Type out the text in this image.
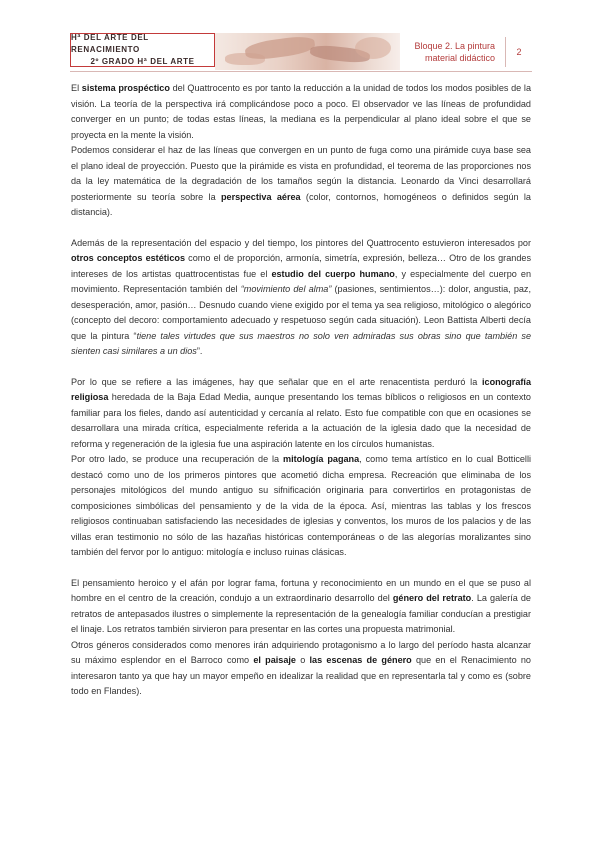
Hª DEL ARTE DEL RENACIMIENTO
2º GRADO Hª DEL ARTE
Bloque 2. La pintura
material didáctico
2

El sistema prospéctico del Quattrocento es por tanto la reducción a la unidad de todos los modos posibles de la visión. La teoría de la perspectiva irá complicándose poco a poco. El observador ve las líneas de profundidad converger en un punto; de todas estas líneas, la mediana es la perpendicular al plano ideal sobre el que se proyecta en la mente la visión.

Podemos considerar el haz de las líneas que convergen en un punto de fuga como una pirámide cuya base sea el plano ideal de proyección. Puesto que la pirámide es vista en profundidad, el teorema de las proporciones nos da la ley matemática de la degradación de los tamaños según la distancia. Leonardo da Vinci desarrollará posteriormente su teoría sobre la perspectiva aérea (color, contornos, homogéneos o definidos según la distancia).

Además de la representación del espacio y del tiempo, los pintores del Quattrocento estuvieron interesados por otros conceptos estéticos como el de proporción, armonía, simetría, expresión, belleza… Otro de los grandes intereses de los artistas quattrocentistas fue el estudio del cuerpo humano, y especialmente del cuerpo en movimiento. Representación también del “movimiento del alma” (pasiones, sentimientos…): dolor, angustia, paz, desesperación, amor, pasión… Desnudo cuando viene exigido por el tema ya sea religioso, mitológico o alegórico (concepto del decoro: comportamiento adecuado y respetuoso según cada situación). Leon Battista Alberti decía que la pintura “tiene tales virtudes que sus maestros no solo ven admiradas sus obras sino que también se sienten casi similares a un dios”.

Por lo que se refiere a las imágenes, hay que señalar que en el arte renacentista perduró la iconografía religiosa heredada de la Baja Edad Media, aunque presentando los temas bíblicos o religiosos en un contexto familiar para los fieles, dando así autenticidad y cercanía al relato. Esto fue compatible con que en ocasiones se desarrollara una mirada crítica, especialmente referida a la actuación de la iglesia dado que la necesidad de reforma y regeneración de la iglesia fue una aspiración latente en los círculos humanistas.

Por otro lado, se produce una recuperación de la mitología pagana, como tema artístico en lo cual Botticelli destacó como uno de los primeros pintores que acometió dicha empresa. Recreación que eliminaba de los personajes mitológicos del mundo antiguo su sifnificación originaria para convertirlos en protagonistas de composiciones simbólicas del pensamiento y de la vida de la época. Así, mientras las tablas y los frescos religiosos continuaban satisfaciendo las necesidades de iglesias y conventos, los muros de los palacios y de las villas eran testimonio no sólo de las hazañas históricas contemporáneas o de las alegorías moralizantes sino también del fervor por lo antiguo: mitología e incluso ruinas clásicas.

El pensamiento heroico y el afán por lograr fama, fortuna y reconocimiento en un mundo en el que se puso al hombre en el centro de la creación, condujo a un extraordinario desarrollo del género del retrato. La galería de retratos de antepasados ilustres o simplemente la representación de la genealogía familiar conducían a prestigiar el linaje. Los retratos también sirvieron para presentar en las cortes una propuesta matrimonial.

Otros géneros considerados como menores irán adquiriendo protagonismo a lo largo del período hasta alcanzar su máximo esplendor en el Barroco como el paisaje o las escenas de género que en el Renacimiento no interesaron tanto ya que hay un mayor empeño en idealizar la realidad que en representarla tal y como es (sobre todo en Flandes).
